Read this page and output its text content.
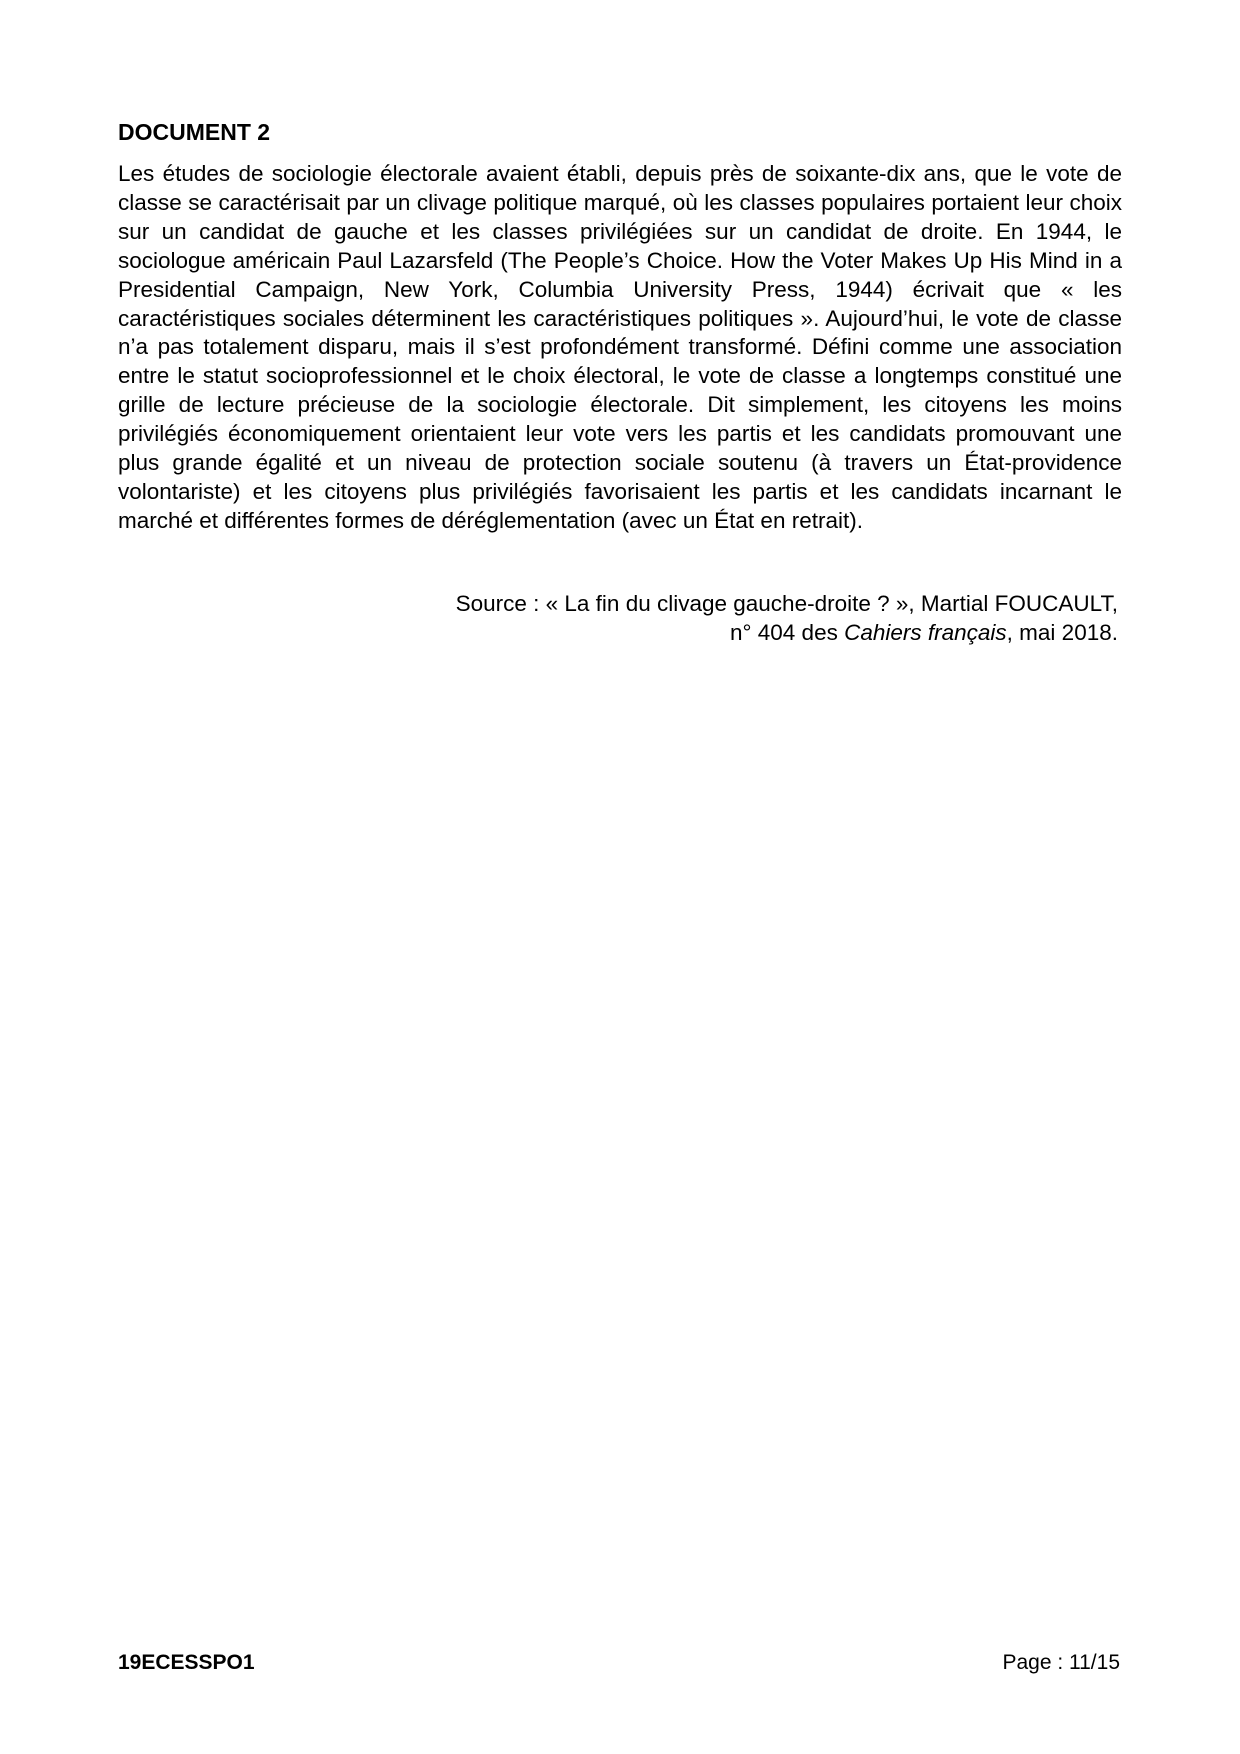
DOCUMENT 2

Les études de sociologie électorale avaient établi, depuis près de soixante-dix ans, que le vote de classe se caractérisait par un clivage politique marqué, où les classes populaires portaient leur choix sur un candidat de gauche et les classes privilégiées sur un candidat de droite. En 1944, le sociologue américain Paul Lazarsfeld (The People’s Choice. How the Voter Makes Up His Mind in a Presidential Campaign, New York, Columbia University Press, 1944) écrivait que « les caractéristiques sociales déterminent les caractéristiques politiques ». Aujourd’hui, le vote de classe n’a pas totalement disparu, mais il s’est profondément transformé. Défini comme une association entre le statut socioprofessionnel et le choix électoral, le vote de classe a longtemps constitué une grille de lecture précieuse de la sociologie électorale. Dit simplement, les citoyens les moins privilégiés économiquement orientaient leur vote vers les partis et les candidats promouvant une plus grande égalité et un niveau de protection sociale soutenu (à travers un État-providence volontariste) et les citoyens plus privilégiés favorisaient les partis et les candidats incarnant le marché et différentes formes de déréglementation (avec un État en retrait).

Source : « La fin du clivage gauche-droite ? », Martial FOUCAULT,
n° 404 des Cahiers français, mai 2018.
19ECESSPO1	Page : 11/15
